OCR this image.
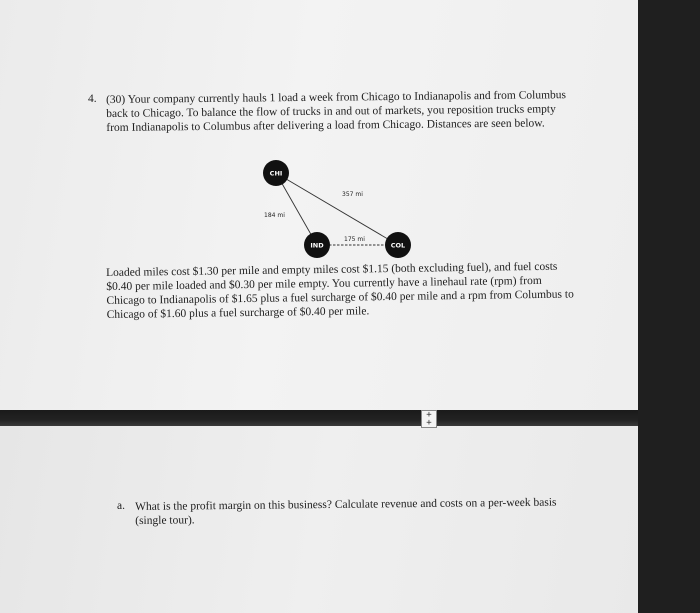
+
+
4. (30) Your company currently hauls 1 load a week from Chicago to Indianapolis and from Columbus back to Chicago. To balance the flow of trucks in and out of markets, you reposition trucks empty from Indianapolis to Columbus after delivering a load from Chicago. Distances are seen below.
CHI
IND	COL
357 mi
184 mi
175 mi
Loaded miles cost $1.30 per mile and empty miles cost $1.15 (both excluding fuel), and fuel costs $0.40 per mile loaded and $0.30 per mile empty. You currently have a linehaul rate (rpm) from Chicago to Indianapolis of $1.65 plus a fuel surcharge of $0.40 per mile and a rpm from Columbus to Chicago of $1.60 plus a fuel surcharge of $0.40 per mile.
a. What is the profit margin on this business? Calculate revenue and costs on a per-week basis (single tour).
